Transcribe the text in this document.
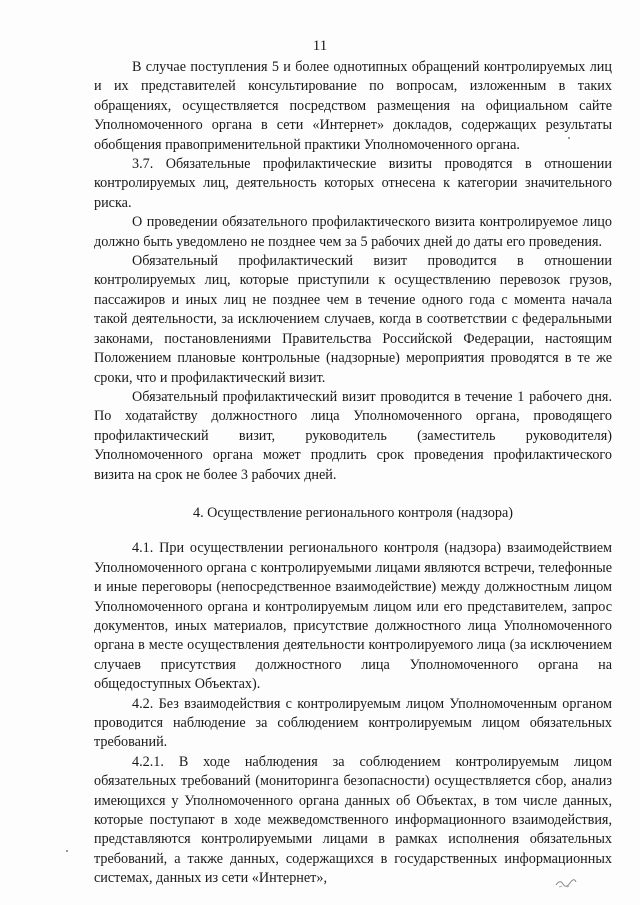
11

В случае поступления 5 и более однотипных обращений контролируемых лиц и их представителей консультирование по вопросам, изложенным в таких обращениях, осуществляется посредством размещения на официальном сайте Уполномоченного органа в сети «Интернет» докладов, содержащих результаты обобщения правоприменительной практики Уполномоченного органа.

3.7. Обязательные профилактические визиты проводятся в отношении контролируемых лиц, деятельность которых отнесена к категории значительного риска.

О проведении обязательного профилактического визита контролируемое лицо должно быть уведомлено не позднее чем за 5 рабочих дней до даты его проведения.

Обязательный профилактический визит проводится в отношении контролируемых лиц, которые приступили к осуществлению перевозок грузов, пассажиров и иных лиц не позднее чем в течение одного года с момента начала такой деятельности, за исключением случаев, когда в соответствии с федеральными законами, постановлениями Правительства Российской Федерации, настоящим Положением плановые контрольные (надзорные) мероприятия проводятся в те же сроки, что и профилактический визит.

Обязательный профилактический визит проводится в течение 1 рабочего дня. По ходатайству должностного лица Уполномоченного органа, проводящего профилактический визит, руководитель (заместитель руководителя) Уполномоченного органа может продлить срок проведения профилактического визита на срок не более 3 рабочих дней.

4. Осуществление регионального контроля (надзора)

4.1. При осуществлении регионального контроля (надзора) взаимодействием Уполномоченного органа с контролируемыми лицами являются встречи, телефонные и иные переговоры (непосредственное взаимодействие) между должностным лицом Уполномоченного органа и контролируемым лицом или его представителем, запрос документов, иных материалов, присутствие должностного лица Уполномоченного органа в месте осуществления деятельности контролируемого лица (за исключением случаев присутствия должностного лица Уполномоченного органа на общедоступных Объектах).

4.2. Без взаимодействия с контролируемым лицом Уполномоченным органом проводится наблюдение за соблюдением контролируемым лицом обязательных требований.

4.2.1. В ходе наблюдения за соблюдением контролируемым лицом обязательных требований (мониторинга безопасности) осуществляется сбор, анализ имеющихся у Уполномоченного органа данных об Объектах, в том числе данных, которые поступают в ходе межведомственного информационного взаимодействия, представляются контролируемыми лицами в рамках исполнения обязательных требований, а также данных, содержащихся в государственных информационных системах, данных из сети «Интернет»,
